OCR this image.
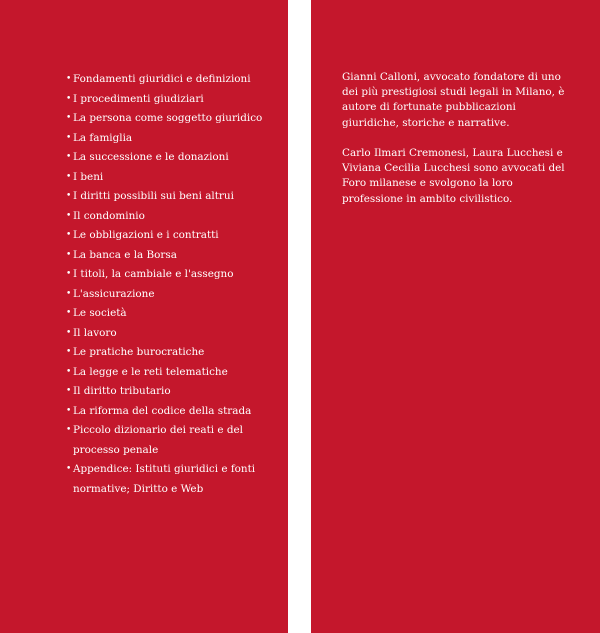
• Fondamenti giuridici e definizioni
• I procedimenti giudiziari
• La persona come soggetto giuridico
• La famiglia
• La successione e le donazioni
• I beni
• I diritti possibili sui beni altrui
• Il condominio
• Le obbligazioni e i contratti
• La banca e la Borsa
• I titoli, la cambiale e l'assegno
• L'assicurazione
• Le società
• Il lavoro
• Le pratiche burocratiche
• La legge e le reti telematiche
• Il diritto tributario
• La riforma del codice della strada
• Piccolo dizionario dei reati e del processo penale
• Appendice: Istituti giuridici e fonti normative; Diritto e Web

Gianni Calloni, avvocato fondatore di uno dei più prestigiosi studi legali in Milano, è autore di fortunate pubblicazioni giuridiche, storiche e narrative.

Carlo Ilmari Cremonesi, Laura Lucchesi e Viviana Cecilia Lucchesi sono avvocati del Foro milanese e svolgono la loro professione in ambito civilistico.
